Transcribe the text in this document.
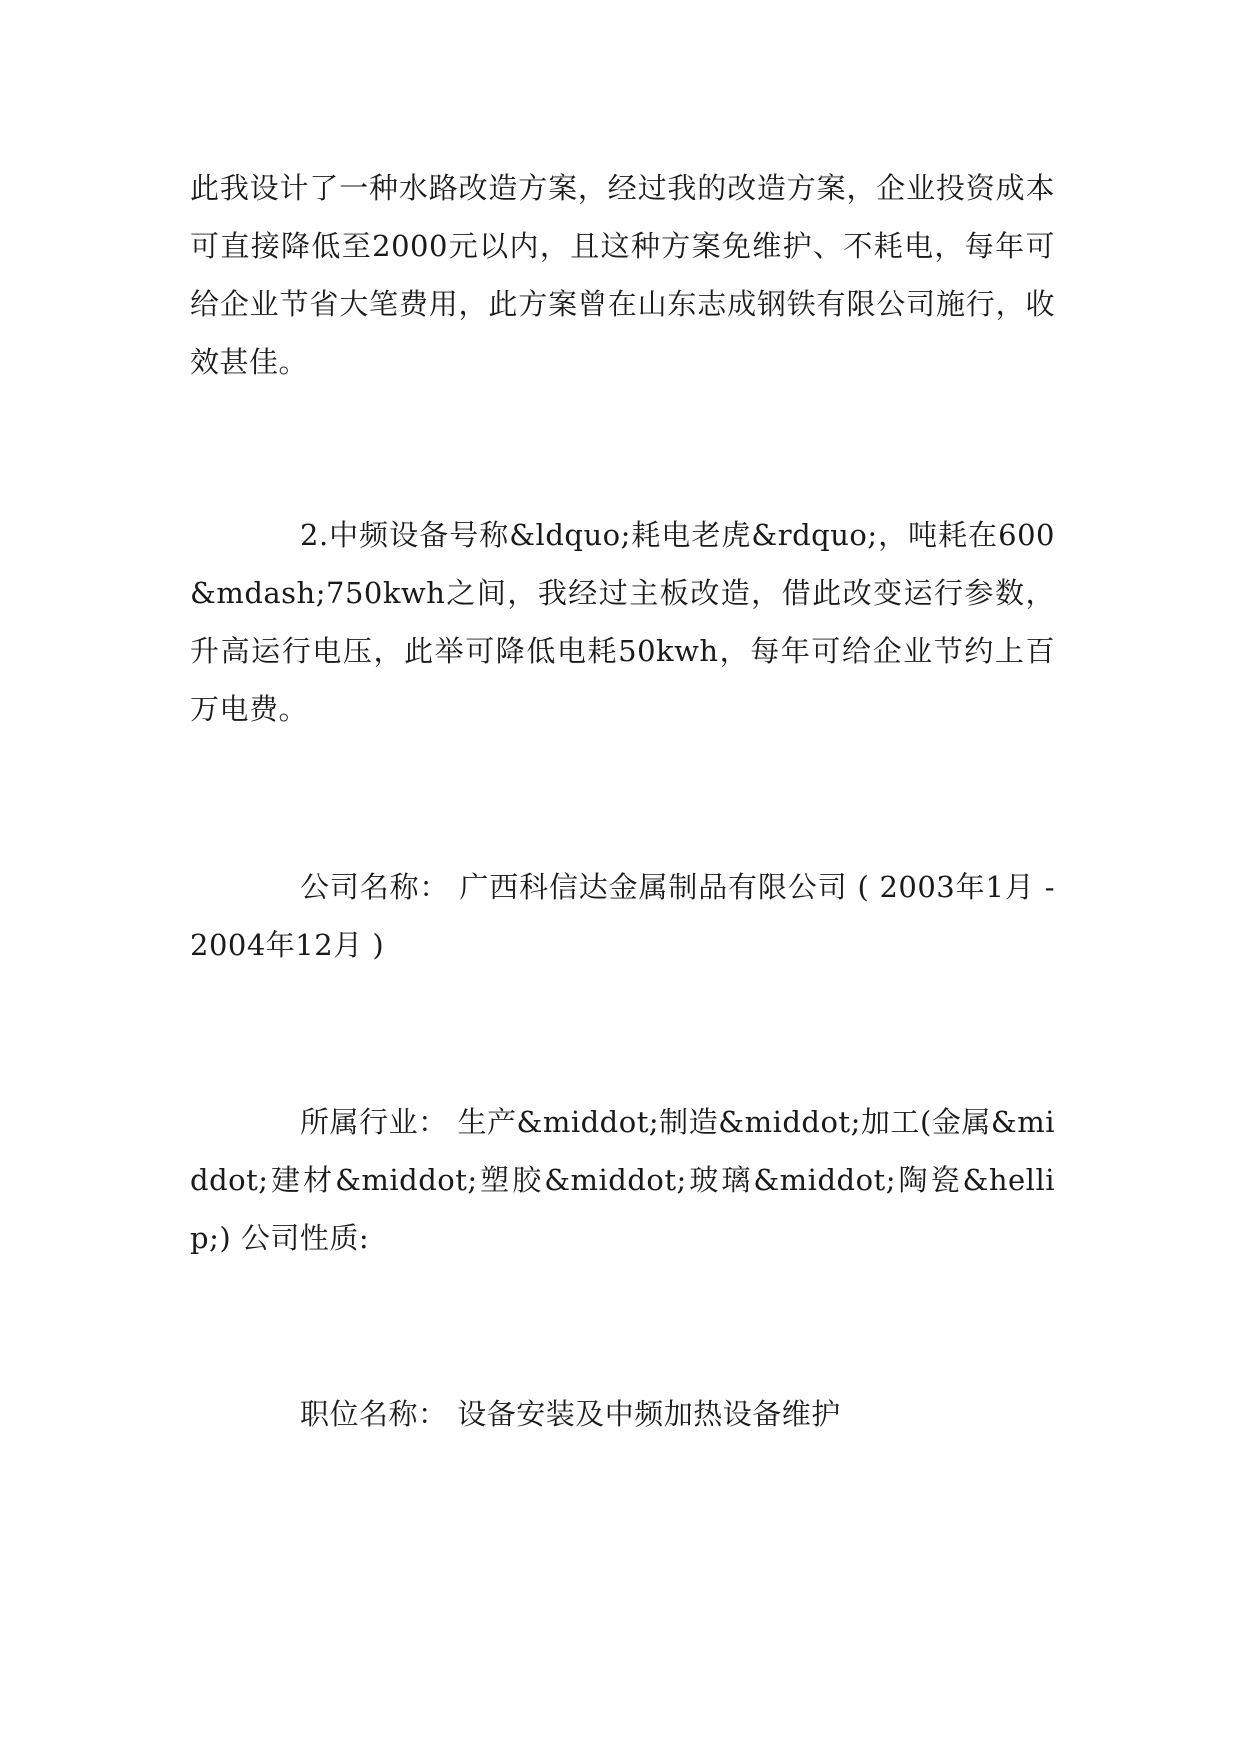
此我设计了一种水路改造方案，经过我的改造方案，企业投资成本可直接降低至2000元以内，且这种方案免维护、不耗电，每年可给企业节省大笔费用，此方案曾在山东志成钢铁有限公司施行，收效甚佳。

2.中频设备号称&ldquo;耗电老虎&rdquo;，吨耗在600&mdash;750kwh之间，我经过主板改造，借此改变运行参数，升高运行电压，此举可降低电耗50kwh，每年可给企业节约上百万电费。

公司名称： 广西科信达金属制品有限公司 ( 2003年1月 - 2004年12月 )

所属行业： 生产&middot;制造&middot;加工(金属&middot;建材&middot;塑胶&middot;玻璃&middot;陶瓷&hellip;) 公司性质:

职位名称： 设备安装及中频加热设备维护
